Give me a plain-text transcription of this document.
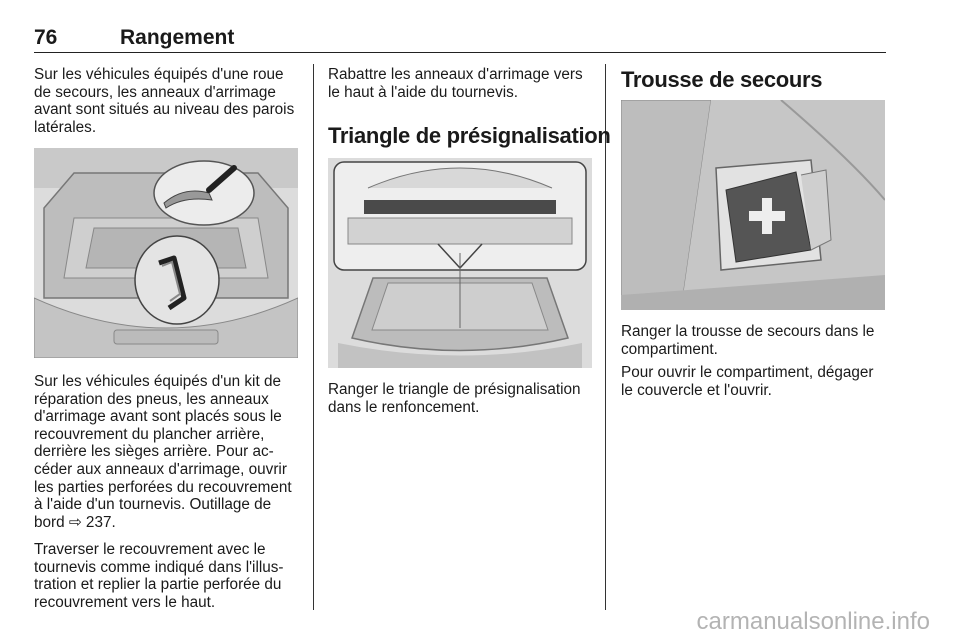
76	Rangement

Sur les véhicules équipés d'une roue de secours, les anneaux d'arrimage avant sont situés au niveau des parois latérales.

Sur les véhicules équipés d'un kit de réparation des pneus, les anneaux d'arrimage avant sont placés sous le recouvrement du plancher arrière, derrière les sièges arrière. Pour accéder aux anneaux d'arrimage, ouvrir les parties perforées du recouvrement à l'aide d'un tournevis. Outillage de bord ⇨ 237.

Traverser le recouvrement avec le tournevis comme indiqué dans l'illustration et replier la partie perforée du recouvrement vers le haut.

Rabattre les anneaux d'arrimage vers le haut à l'aide du tournevis.

Triangle de présignalisation

Ranger le triangle de présignalisation dans le renfoncement.

Trousse de secours

Ranger la trousse de secours dans le compartiment.

Pour ouvrir le compartiment, dégager le couvercle et l'ouvrir.

carmanualsonline.info
